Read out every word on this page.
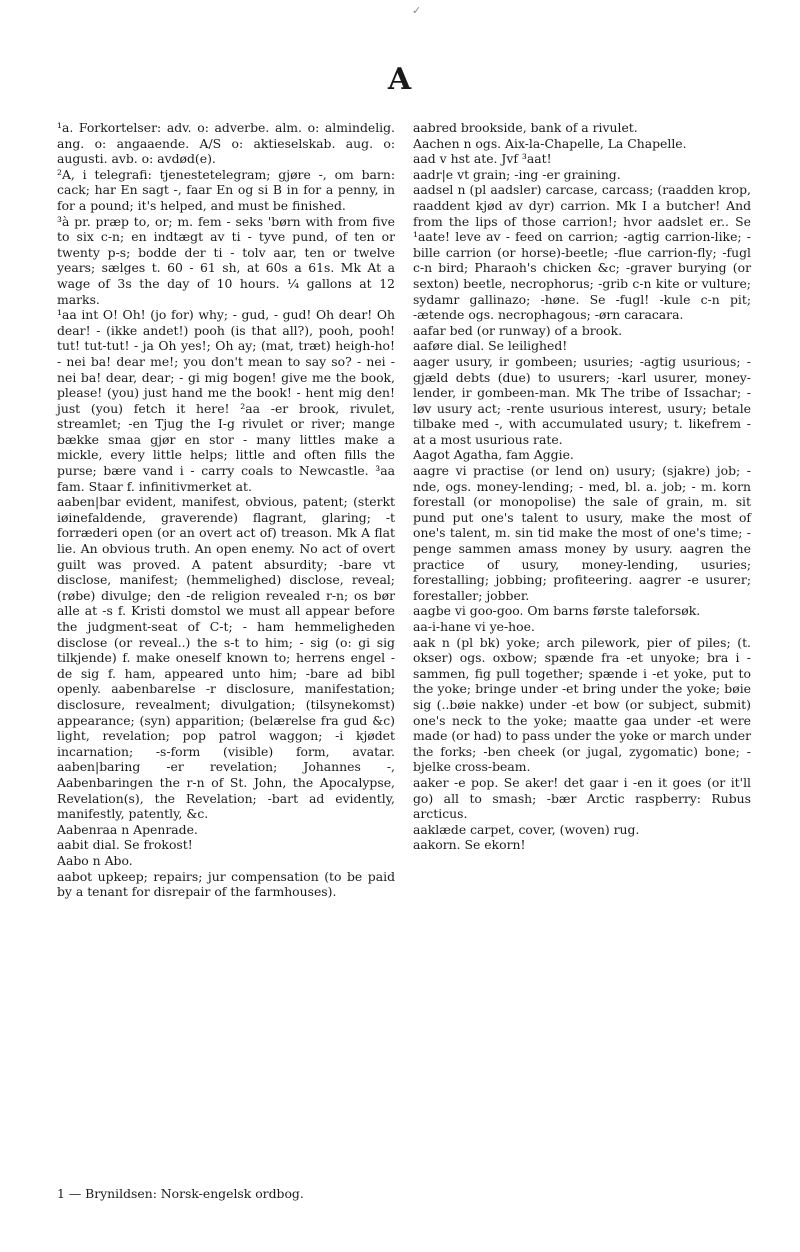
✓
A

¹a. Forkortelser: adv. o: adverbe. alm. o: almindelig. ang. o: angaaende. A/S o: aktieselskab. aug. o: augusti. avb. o: avdød(e).

²A, i telegrafi: tjenestetelegram; gjøre -, om barn: cack; har En sagt -, faar En og si B in for a penny, in for a pound; it's helped, and must be finished.

³à pr. præp to, or; m. fem - seks 'børn with from five to six c-n; en indtægt av ti - tyve pund, of ten or twenty p-s; bodde der ti - tolv aar, ten or twelve years; sælges t. 60 - 61 sh, at 60s a 61s. Mk At a wage of 3s the day of 10 hours. ¼ gallons at 12 marks.

¹aa int O! Oh! (jo for) why; - gud, - gud! Oh dear! Oh dear! - (ikke andet!) pooh (is that all?), pooh, pooh! tut! tut-tut! - ja Oh yes!; Oh ay; (mat, træt) heigh-ho! - nei ba! dear me!; you don't mean to say so? - nei - nei ba! dear, dear; - gi mig bogen! give me the book, please! (you) just hand me the book! - hent mig den! just (you) fetch it here! ²aa -er brook, rivulet, streamlet; -en Tjug the I-g rivulet or river; mange bække smaa gjør en stor - many littles make a mickle, every little helps; little and often fills the purse; bære vand i - carry coals to Newcastle. ³aa fam. Staar f. infinitivmerket at.

aaben|bar evident, manifest, obvious, patent; (sterkt iøinefaldende, graverende) flagrant, glaring; -t forræderi open (or an overt act of) treason. Mk A flat lie. An obvious truth. An open enemy. No act of overt guilt was proved. A patent absurdity; -bare vt disclose, manifest; (hemmelighed) disclose, reveal; (røbe) divulge; den -de religion revealed r-n; os bør alle at -s f. Kristi domstol we must all appear before the judgment-seat of C-t; - ham hemmeligheden disclose (or reveal..) the s-t to him; - sig (o: gi sig tilkjende) f. make oneself known to; herrens engel -de sig f. ham, appeared unto him; -bare ad bibl openly. aabenbarelse -r disclosure, manifestation; disclosure, revealment; divulgation; (tilsynekomst) appearance; (syn) apparition; (belærelse fra gud &c) light, revelation; pop patrol waggon; -i kjødet incarnation; -s-form (visible) form, avatar. aaben|baring -er revelation; Johannes -, Aabenbaringen the r-n of St. John, the Apocalypse, Revelation(s), the Revelation; -bart ad evidently, manifestly, patently, &c.

Aabenraa n Apenrade.

aabit dial. Se frokost!

Aabo n Abo.

aabot upkeep; repairs; jur compensation (to be paid by a tenant for disrepair of the farmhouses).

aabred brookside, bank of a rivulet.

Aachen n ogs. Aix-la-Chapelle, La Chapelle.

aad v hst ate. Jvf ³aat!

aadr|e vt grain; -ing -er graining.

aadsel n (pl aadsler) carcase, carcass; (raadden krop, raaddent kjød av dyr) carrion. Mk I a butcher! And from the lips of those carrion!; hvor aadslet er.. Se ¹aate! leve av - feed on carrion; -agtig carrion-like; -bille carrion (or horse)-beetle; -flue carrion-fly; -fugl c-n bird; Pharaoh's chicken &c; -graver burying (or sexton) beetle, necrophorus; -grib c-n kite or vulture; sydamr gallinazo; -høne. Se -fugl! -kule c-n pit; -ætende ogs. necrophagous; -ørn caracara.

aafar bed (or runway) of a brook.

aaføre dial. Se leilighed!

aager usury, ir gombeen; usuries; -agtig usurious; -gjæld debts (due) to usurers; -karl usurer, money-lender, ir gombeen-man. Mk The tribe of Issachar; -løv usury act; -rente usurious interest, usury; betale tilbake med -, with accumulated usury; t. likefrem - at a most usurious rate.

Aagot Agatha, fam Aggie.

aagre vi practise (or lend on) usury; (sjakre) job; -nde, ogs. money-lending; - med, bl. a. job; - m. korn forestall (or monopolise) the sale of grain, m. sit pund put one's talent to usury, make the most of one's talent, m. sin tid make the most of one's time; - penge sammen amass money by usury. aagren the practice of usury, money-lending, usuries; forestalling; jobbing; profiteering. aagrer -e usurer; forestaller; jobber.

aagbe vi goo-goo. Om barns første taleforsøk.

aa-i-hane vi ye-hoe.

aak n (pl bk) yoke; arch pilework, pier of piles; (t. okser) ogs. oxbow; spænde fra -et unyoke; bra i - sammen, fig pull together; spænde i -et yoke, put to the yoke; bringe under -et bring under the yoke; bøie sig (..bøie nakke) under -et bow (or subject, submit) one's neck to the yoke; maatte gaa under -et were made (or had) to pass under the yoke or march under the forks; -ben cheek (or jugal, zygomatic) bone; -bjelke cross-beam.

aaker -e pop. Se aker! det gaar i -en it goes (or it'll go) all to smash; -bær Arctic raspberry: Rubus arcticus.

aaklæde carpet, cover, (woven) rug.

aakorn. Se ekorn!

1 — Brynildsen: Norsk-engelsk ordbog.
